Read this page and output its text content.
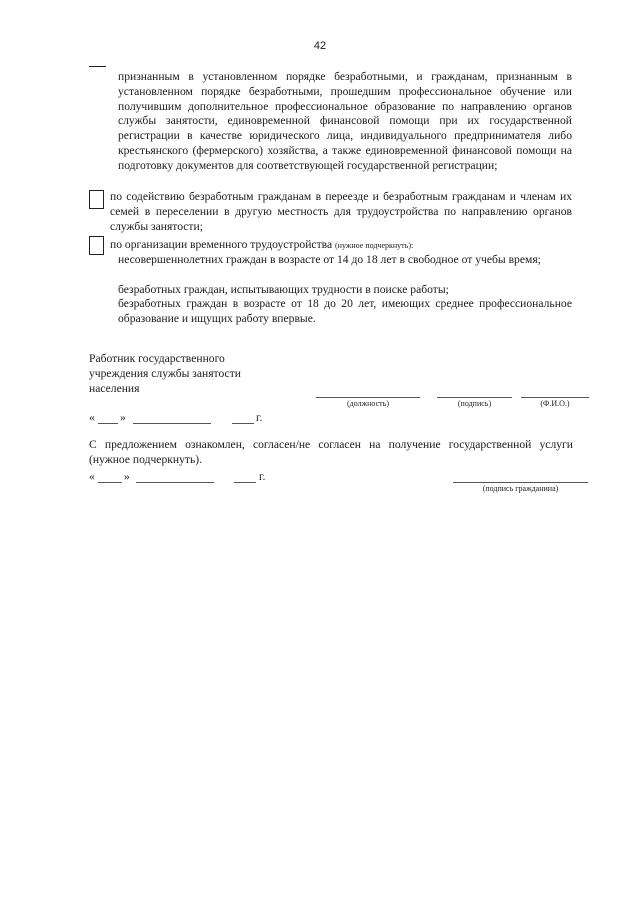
42
признанным в установленном порядке безработными, и гражданам, признанным в установленном порядке безработными, прошедшим профессиональное обучение или получившим дополнительное профессиональное образование по направлению органов службы занятости, единовременной финансовой помощи при их государственной регистрации в качестве юридического лица, индивидуального предпринимателя либо крестьянского (фермерского) хозяйства, а также единовременной финансовой помощи на подготовку документов для соответствующей государственной регистрации;
по содействию безработным гражданам в переезде и безработным гражданам и членам их семей в переселении в другую местность для трудоустройства по направлению органов службы занятости;
по организации временного трудоустройства (нужное подчеркнуть):
несовершеннолетних граждан в возрасте от 14 до 18 лет в свободное от учебы время;
безработных граждан, испытывающих трудности в поиске работы;
безработных граждан в возрасте от 18 до 20 лет, имеющих среднее профессиональное образование и ищущих работу впервые.
Работник государственного учреждения службы занятости населения
(должность)	(подпись)	(Ф.И.О.)
« »	г.
С предложением ознакомлен, согласен/не согласен на получение государственной услуги (нужное подчеркнуть).
«	»	г.
(подпись гражданина)
